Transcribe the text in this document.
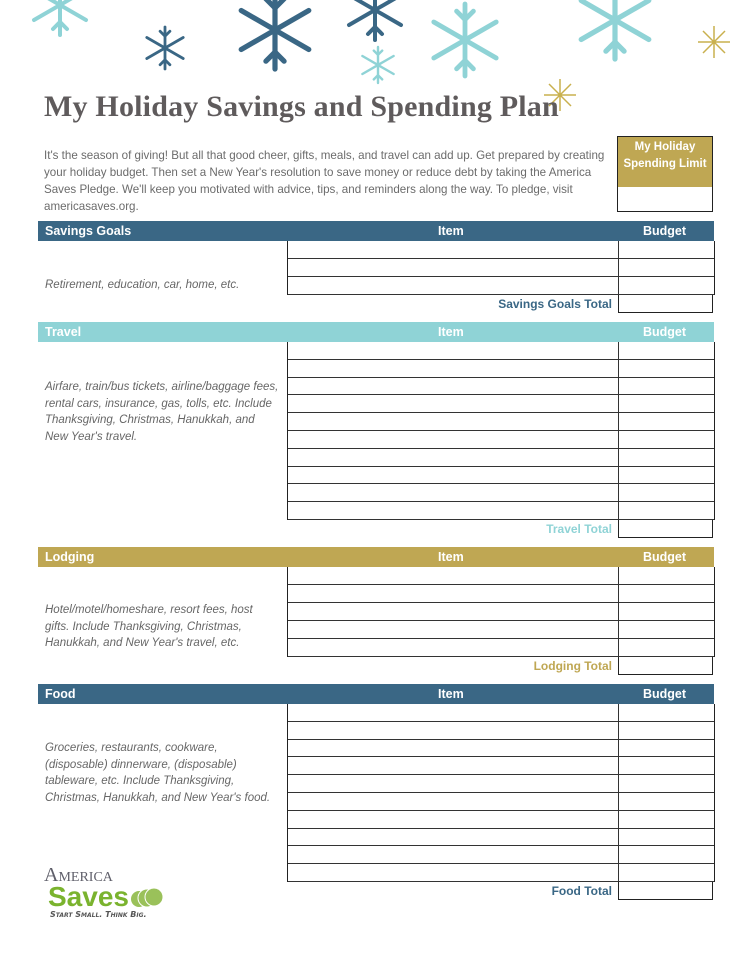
My Holiday Savings and Spending Plan
It's the season of giving! But all that good cheer, gifts, meals, and travel can add up. Get prepared by creating your holiday budget. Then set a New Year's resolution to save money or reduce debt by taking the America Saves Pledge. We'll keep you motivated with advice, tips, and reminders along the way. To pledge, visit americasaves.org.
My Holiday Spending Limit
Savings Goals	Item	Budget
Retirement, education, car, home, etc.
Savings Goals Total
Travel	Item	Budget
Airfare, train/bus tickets, airline/baggage fees, rental cars, insurance, gas, tolls, etc. Include Thanksgiving, Christmas, Hanukkah, and New Year's travel.
Travel Total
Lodging	Item	Budget
Hotel/motel/homeshare, resort fees, host gifts. Include Thanksgiving, Christmas, Hanukkah, and New Year's travel, etc.
Lodging Total
Food	Item	Budget
Groceries, restaurants, cookware, (disposable) dinnerware, (disposable) tableware, etc. Include Thanksgiving, Christmas, Hanukkah, and New Year's food.
Food Total
America
Saves
Start Small. Think Big.
